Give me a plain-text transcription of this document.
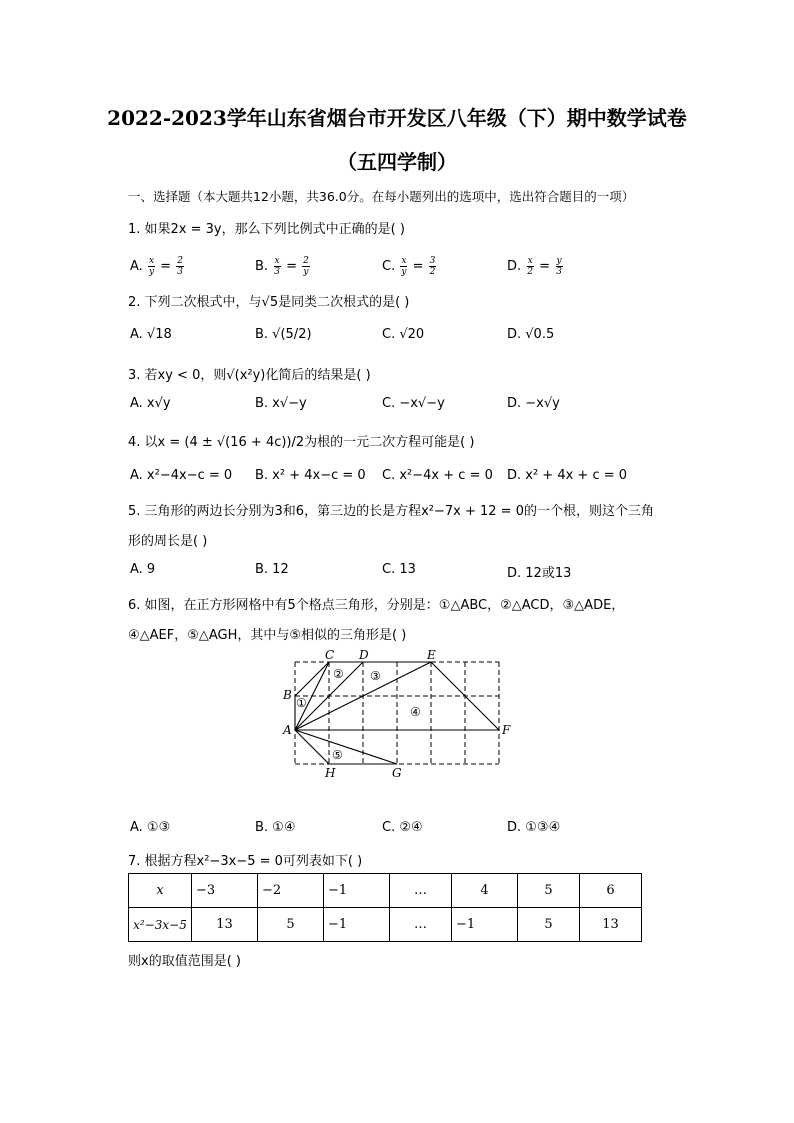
2022-2023学年山东省烟台市开发区八年级（下）期中数学试卷
（五四学制）
一、选择题（本大题共12小题，共36.0分。在每小题列出的选项中，选出符合题目的一项）
1. 如果2x = 3y，那么下列比例式中正确的是( )
A. $\frac{x}{y} = \frac{2}{3}$	B. $\frac{x}{3} = \frac{2}{y}$	C. $\frac{x}{y} = \frac{3}{2}$	D. $\frac{x}{2} = \frac{y}{3}$
2. 下列二次根式中，与√5是同类二次根式的是( )
A. √18	B. √(5/2)	C. √20	D. √0.5
3. 若xy < 0，则√(x²y)化简后的结果是( )
A. x√y	B. x√−y	C. −x√−y	D. −x√y
4. 以x = (4 ± √(16 + 4c))/2为根的一元二次方程可能是( )
A. x²−4x−c = 0 B. x² + 4x−c = 0 C. x²−4x + c = 0 D. x² + 4x + c = 0
5. 三角形的两边长分别为3和6，第三边的长是方程x²−7x + 12 = 0的一个根，则这个三角
形的周长是( )
A. 9	B. 12	C. 13	D. 12或13
6. 如图，在正方形网格中有5个格点三角形，分别是：①△ABC，②△ACD，③△ADE，
④△AEF，⑤△AGH，其中与⑤相似的三角形是( )
C D	E
B
A	F
H	G
② ③
①
④
⑤
A. ①③	B. ①④	C. ②④	D. ①③④
7. 根据方程x²−3x−5 = 0可列表如下( )
x	−3	−2	−1	…	4	5	6
x²−3x−5	13	5	−1	…	−1	5	13
则x的取值范围是( )
